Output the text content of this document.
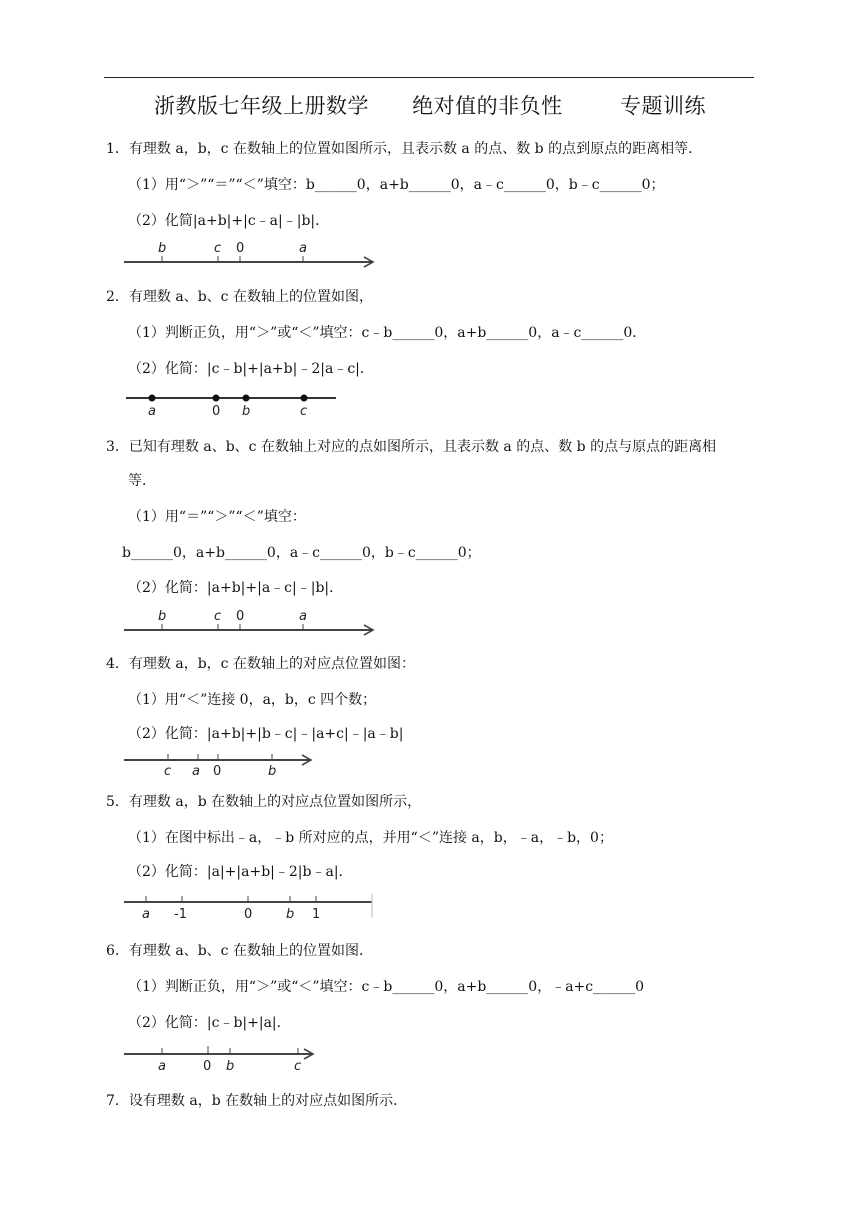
浙教版七年级上册数学      绝对值的非负性        专题训练
1．有理数 a，b，c 在数轴上的位置如图所示，且表示数 a 的点、数 b 的点到原点的距离相等．
（1）用“＞”“＝”“＜”填空：b______0，a+b______0，a﹣c______0，b﹣c______0；
（2）化简|a+b|+|c﹣a|﹣|b|．
b	c 0	a
2．有理数 a、b、c 在数轴上的位置如图，
（1）判断正负，用“＞”或“＜”填空：c﹣b______0，a+b______0，a﹣c______0．
（2）化简：|c﹣b|+|a+b|﹣2|a﹣c|．
a	0 b	c
3．已知有理数 a、b、c 在数轴上对应的点如图所示，且表示数 a 的点、数 b 的点与原点的距离相
等．
（1）用“＝”“＞”“＜”填空：
b______0，a+b______0，a﹣c______0，b﹣c______0；
（2）化简：|a+b|+|a﹣c|﹣|b|．
b	c 0	a
4．有理数 a，b，c 在数轴上的对应点位置如图：
（1）用“＜”连接 0，a，b，c 四个数；
（2）化简：|a+b|+|b﹣c|﹣|a+c|﹣|a﹣b|
c a 0	b
5．有理数 a，b 在数轴上的对应点位置如图所示，
（1）在图中标出﹣a，﹣b 所对应的点，并用“＜”连接 a，b，﹣a，﹣b，0；
（2）化简：|a|+|a+b|﹣2|b﹣a|．
a -1	0	b 1
6．有理数 a、b、c 在数轴上的位置如图．
（1）判断正负，用“＞”或“＜”填空：c﹣b______0，a+b______0，﹣a+c______0
（2）化简：|c﹣b|+|a|．
a	0 b	c
7．设有理数 a，b 在数轴上的对应点如图所示．
